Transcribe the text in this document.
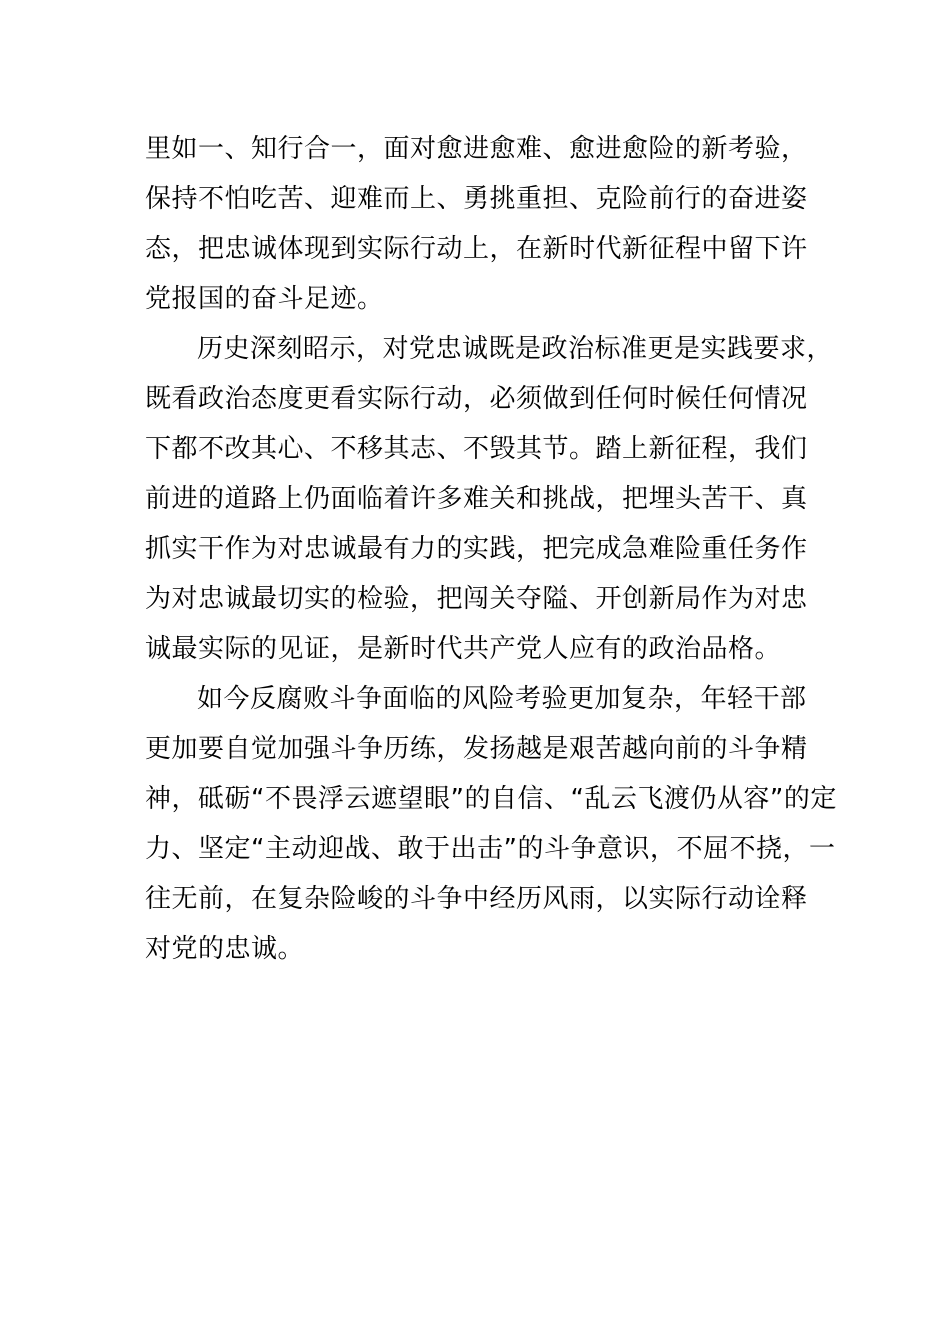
里如一、知行合一，面对愈进愈难、愈进愈险的新考验，
保持不怕吃苦、迎难而上、勇挑重担、克险前行的奋进姿
态，把忠诚体现到实际行动上，在新时代新征程中留下许
党报国的奋斗足迹。
历史深刻昭示，对党忠诚既是政治标准更是实践要求，
既看政治态度更看实际行动，必须做到任何时候任何情况
下都不改其心、不移其志、不毁其节。踏上新征程，我们
前进的道路上仍面临着许多难关和挑战，把埋头苦干、真
抓实干作为对忠诚最有力的实践，把完成急难险重任务作
为对忠诚最切实的检验，把闯关夺隘、开创新局作为对忠
诚最实际的见证，是新时代共产党人应有的政治品格。
如今反腐败斗争面临的风险考验更加复杂，年轻干部
更加要自觉加强斗争历练，发扬越是艰苦越向前的斗争精
神，砥砺“不畏浮云遮望眼”的自信、“乱云飞渡仍从容”的定
力、坚定“主动迎战、敢于出击”的斗争意识，不屈不挠，一
往无前，在复杂险峻的斗争中经历风雨，以实际行动诠释
对党的忠诚。
